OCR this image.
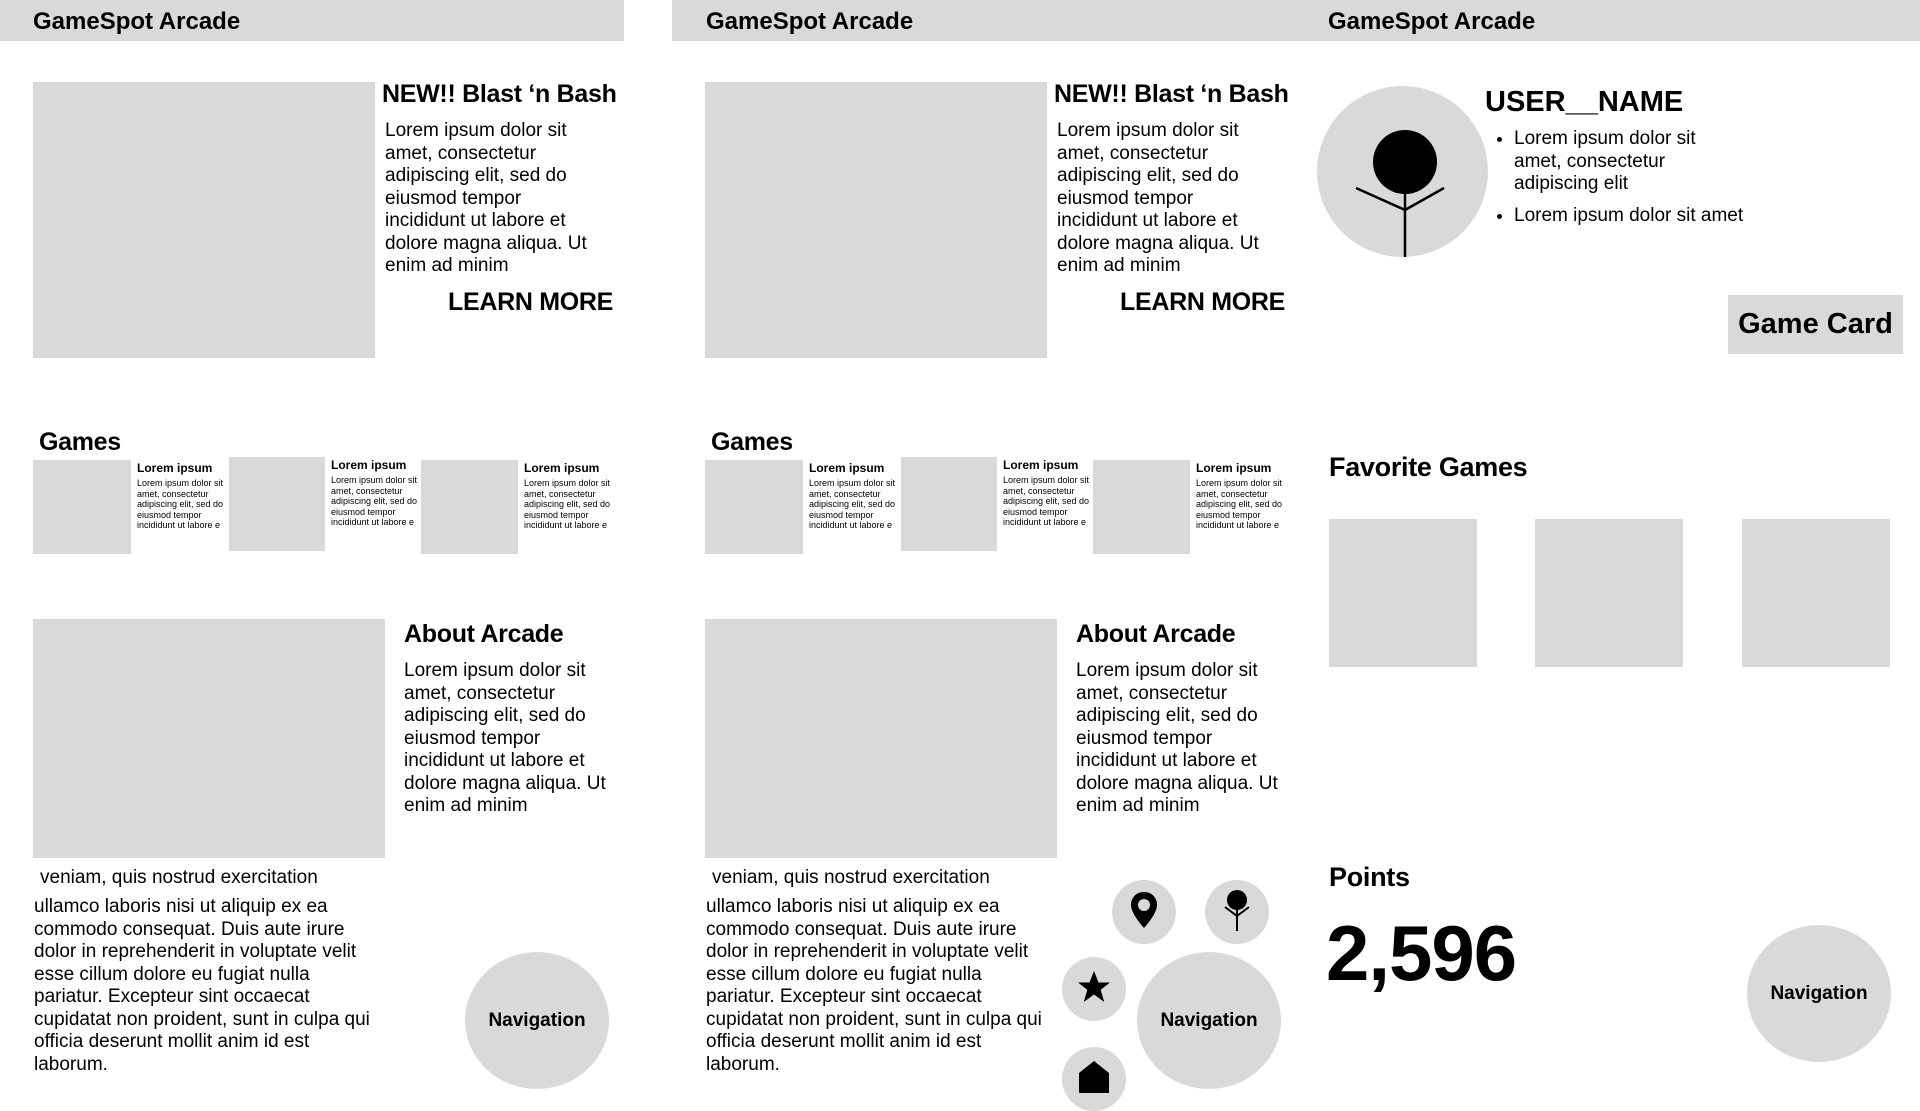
GameSpot Arcade
NEW!! Blast ‘n Bash
Lorem ipsum dolor sit amet, consectetur adipiscing elit, sed do eiusmod tempor incididunt ut labore et dolore magna aliqua. Ut enim ad minim
LEARN MORE
Games
Lorem ipsum
Lorem ipsum dolor sit amet, consectetur adipiscing elit, sed do eiusmod tempor incididunt ut labore e
Lorem ipsum
Lorem ipsum dolor sit amet, consectetur adipiscing elit, sed do eiusmod tempor incididunt ut labore e
Lorem ipsum
Lorem ipsum dolor sit amet, consectetur adipiscing elit, sed do eiusmod tempor incididunt ut labore e
About Arcade
Lorem ipsum dolor sit amet, consectetur adipiscing elit, sed do eiusmod tempor incididunt ut labore et dolore magna aliqua. Ut enim ad minim
veniam, quis nostrud exercitation
ullamco laboris nisi ut aliquip ex ea commodo consequat. Duis aute irure dolor in reprehenderit in voluptate velit esse cillum dolore eu fugiat nulla pariatur. Excepteur sint occaecat cupidatat non proident, sunt in culpa qui officia deserunt mollit anim id est laborum.
Navigation
GameSpot Arcade
NEW!! Blast ‘n Bash
Lorem ipsum dolor sit amet, consectetur adipiscing elit, sed do eiusmod tempor incididunt ut labore et dolore magna aliqua. Ut enim ad minim
LEARN MORE
Games
Lorem ipsum
Lorem ipsum dolor sit amet, consectetur adipiscing elit, sed do eiusmod tempor incididunt ut labore e
Lorem ipsum
Lorem ipsum dolor sit amet, consectetur adipiscing elit, sed do eiusmod tempor incididunt ut labore e
Lorem ipsum
Lorem ipsum dolor sit amet, consectetur adipiscing elit, sed do eiusmod tempor incididunt ut labore e
About Arcade
Lorem ipsum dolor sit amet, consectetur adipiscing elit, sed do eiusmod tempor incididunt ut labore et dolore magna aliqua. Ut enim ad minim
veniam, quis nostrud exercitation
ullamco laboris nisi ut aliquip ex ea commodo consequat. Duis aute irure dolor in reprehenderit in voluptate velit esse cillum dolore eu fugiat nulla pariatur. Excepteur sint occaecat cupidatat non proident, sunt in culpa qui officia deserunt mollit anim id est laborum.
Navigation
GameSpot Arcade
USER__NAME
• Lorem ipsum dolor sit amet, consectetur adipiscing elit
• Lorem ipsum dolor sit amet
Game Card
Favorite Games
Points
2,596	Navigation
